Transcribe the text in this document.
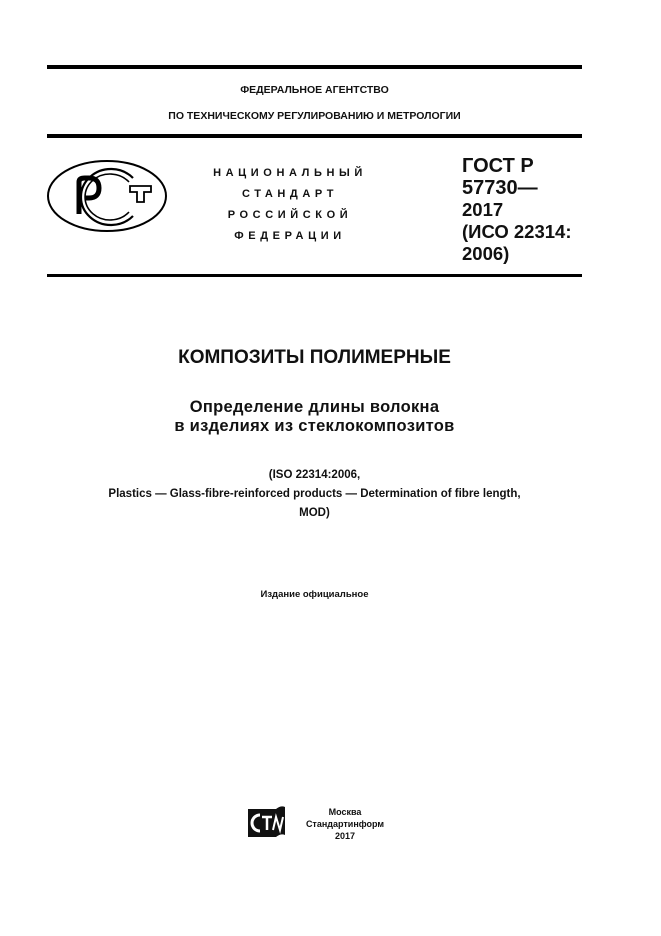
ФЕДЕРАЛЬНОЕ АГЕНТСТВО
ПО ТЕХНИЧЕСКОМУ РЕГУЛИРОВАНИЮ И МЕТРОЛОГИИ
НАЦИОНАЛЬНЫЙ
СТАНДАРТ
РОССИЙСКОЙ
ФЕДЕРАЦИИ
ГОСТ Р
57730—
2017
(ИСО 22314:
2006)
КОМПОЗИТЫ ПОЛИМЕРНЫЕ
Определение длины волокна
в изделиях из стеклокомпозитов
(ISO 22314:2006,
Plastics — Glass-fibre-reinforced products — Determination of fibre length,
MOD)
Издание официальное
Москва
Стандартинформ
2017
